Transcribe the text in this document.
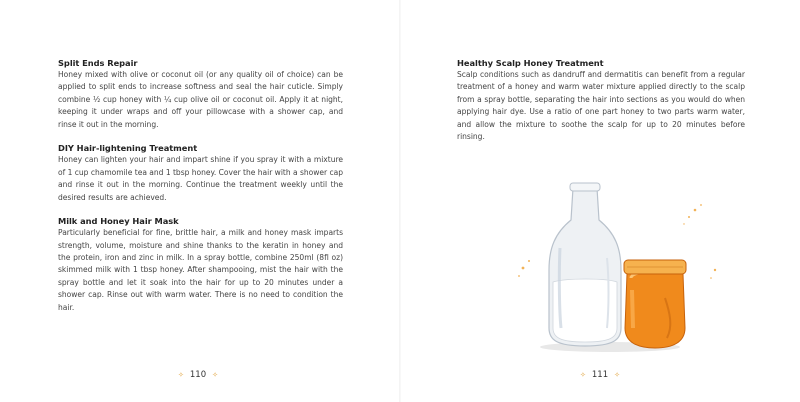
Split Ends Repair
Honey mixed with olive or coconut oil (or any quality oil of choice) can be applied to split ends to increase softness and seal the hair cuticle. Simply combine ½ cup honey with ¼ cup olive oil or coconut oil. Apply it at night, keeping it under wraps and off your pillowcase with a shower cap, and rinse it out in the morning.
DIY Hair-lightening Treatment
Honey can lighten your hair and impart shine if you spray it with a mixture of 1 cup chamomile tea and 1 tbsp honey. Cover the hair with a shower cap and rinse it out in the morning. Continue the treatment weekly until the desired results are achieved.
Milk and Honey Hair Mask
Particularly beneficial for fine, brittle hair, a milk and honey mask imparts strength, volume, moisture and shine thanks to the keratin in honey and the protein, iron and zinc in milk. In a spray bottle, combine 250ml (8fl oz) skimmed milk with 1 tbsp honey. After shampooing, mist the hair with the spray bottle and let it soak into the hair for up to 20 minutes under a shower cap. Rinse out with warm water. There is no need to condition the hair.
✧ 110 ✧
Healthy Scalp Honey Treatment
Scalp conditions such as dandruff and dermatitis can benefit from a regular treatment of a honey and warm water mixture applied directly to the scalp from a spray bottle, separating the hair into sections as you would do when applying hair dye. Use a ratio of one part honey to two parts warm water, and allow the mixture to soothe the scalp for up to 20 minutes before rinsing.
✧ 111 ✧
